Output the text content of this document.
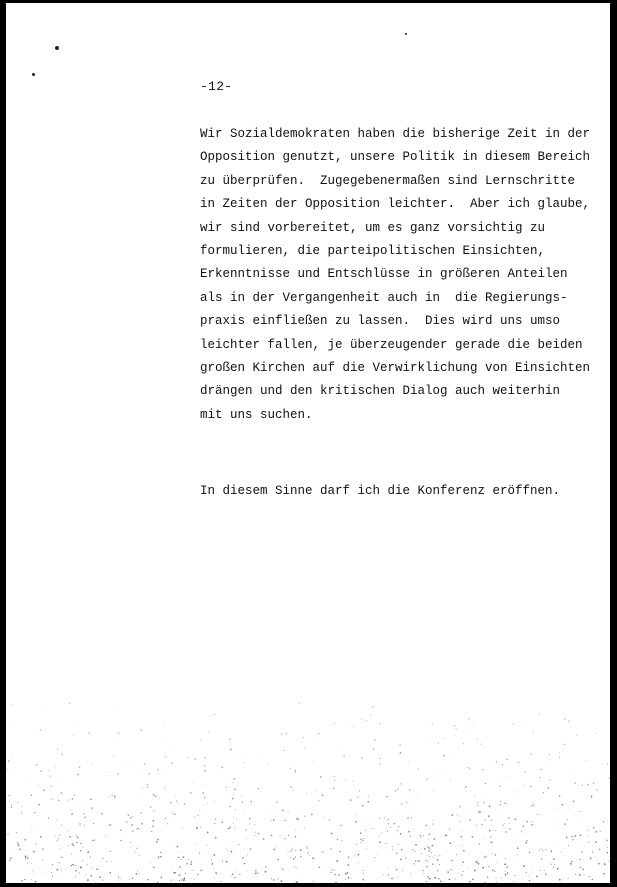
-12-
Wir Sozialdemokraten haben die bisherige Zeit in der
Opposition genutzt, unsere Politik in diesem Bereich
zu überprüfen.  Zugegebenermaßen sind Lernschritte
in Zeiten der Opposition leichter.  Aber ich glaube,
wir sind vorbereitet, um es ganz vorsichtig zu
formulieren, die parteipolitischen Einsichten,
Erkenntnisse und Entschlüsse in größeren Anteilen
als in der Vergangenheit auch in  die Regierungs-
praxis einfließen zu lassen.  Dies wird uns umso
leichter fallen, je überzeugender gerade die beiden
großen Kirchen auf die Verwirklichung von Einsichten
drängen und den kritischen Dialog auch weiterhin
mit uns suchen.
In diesem Sinne darf ich die Konferenz eröffnen.
